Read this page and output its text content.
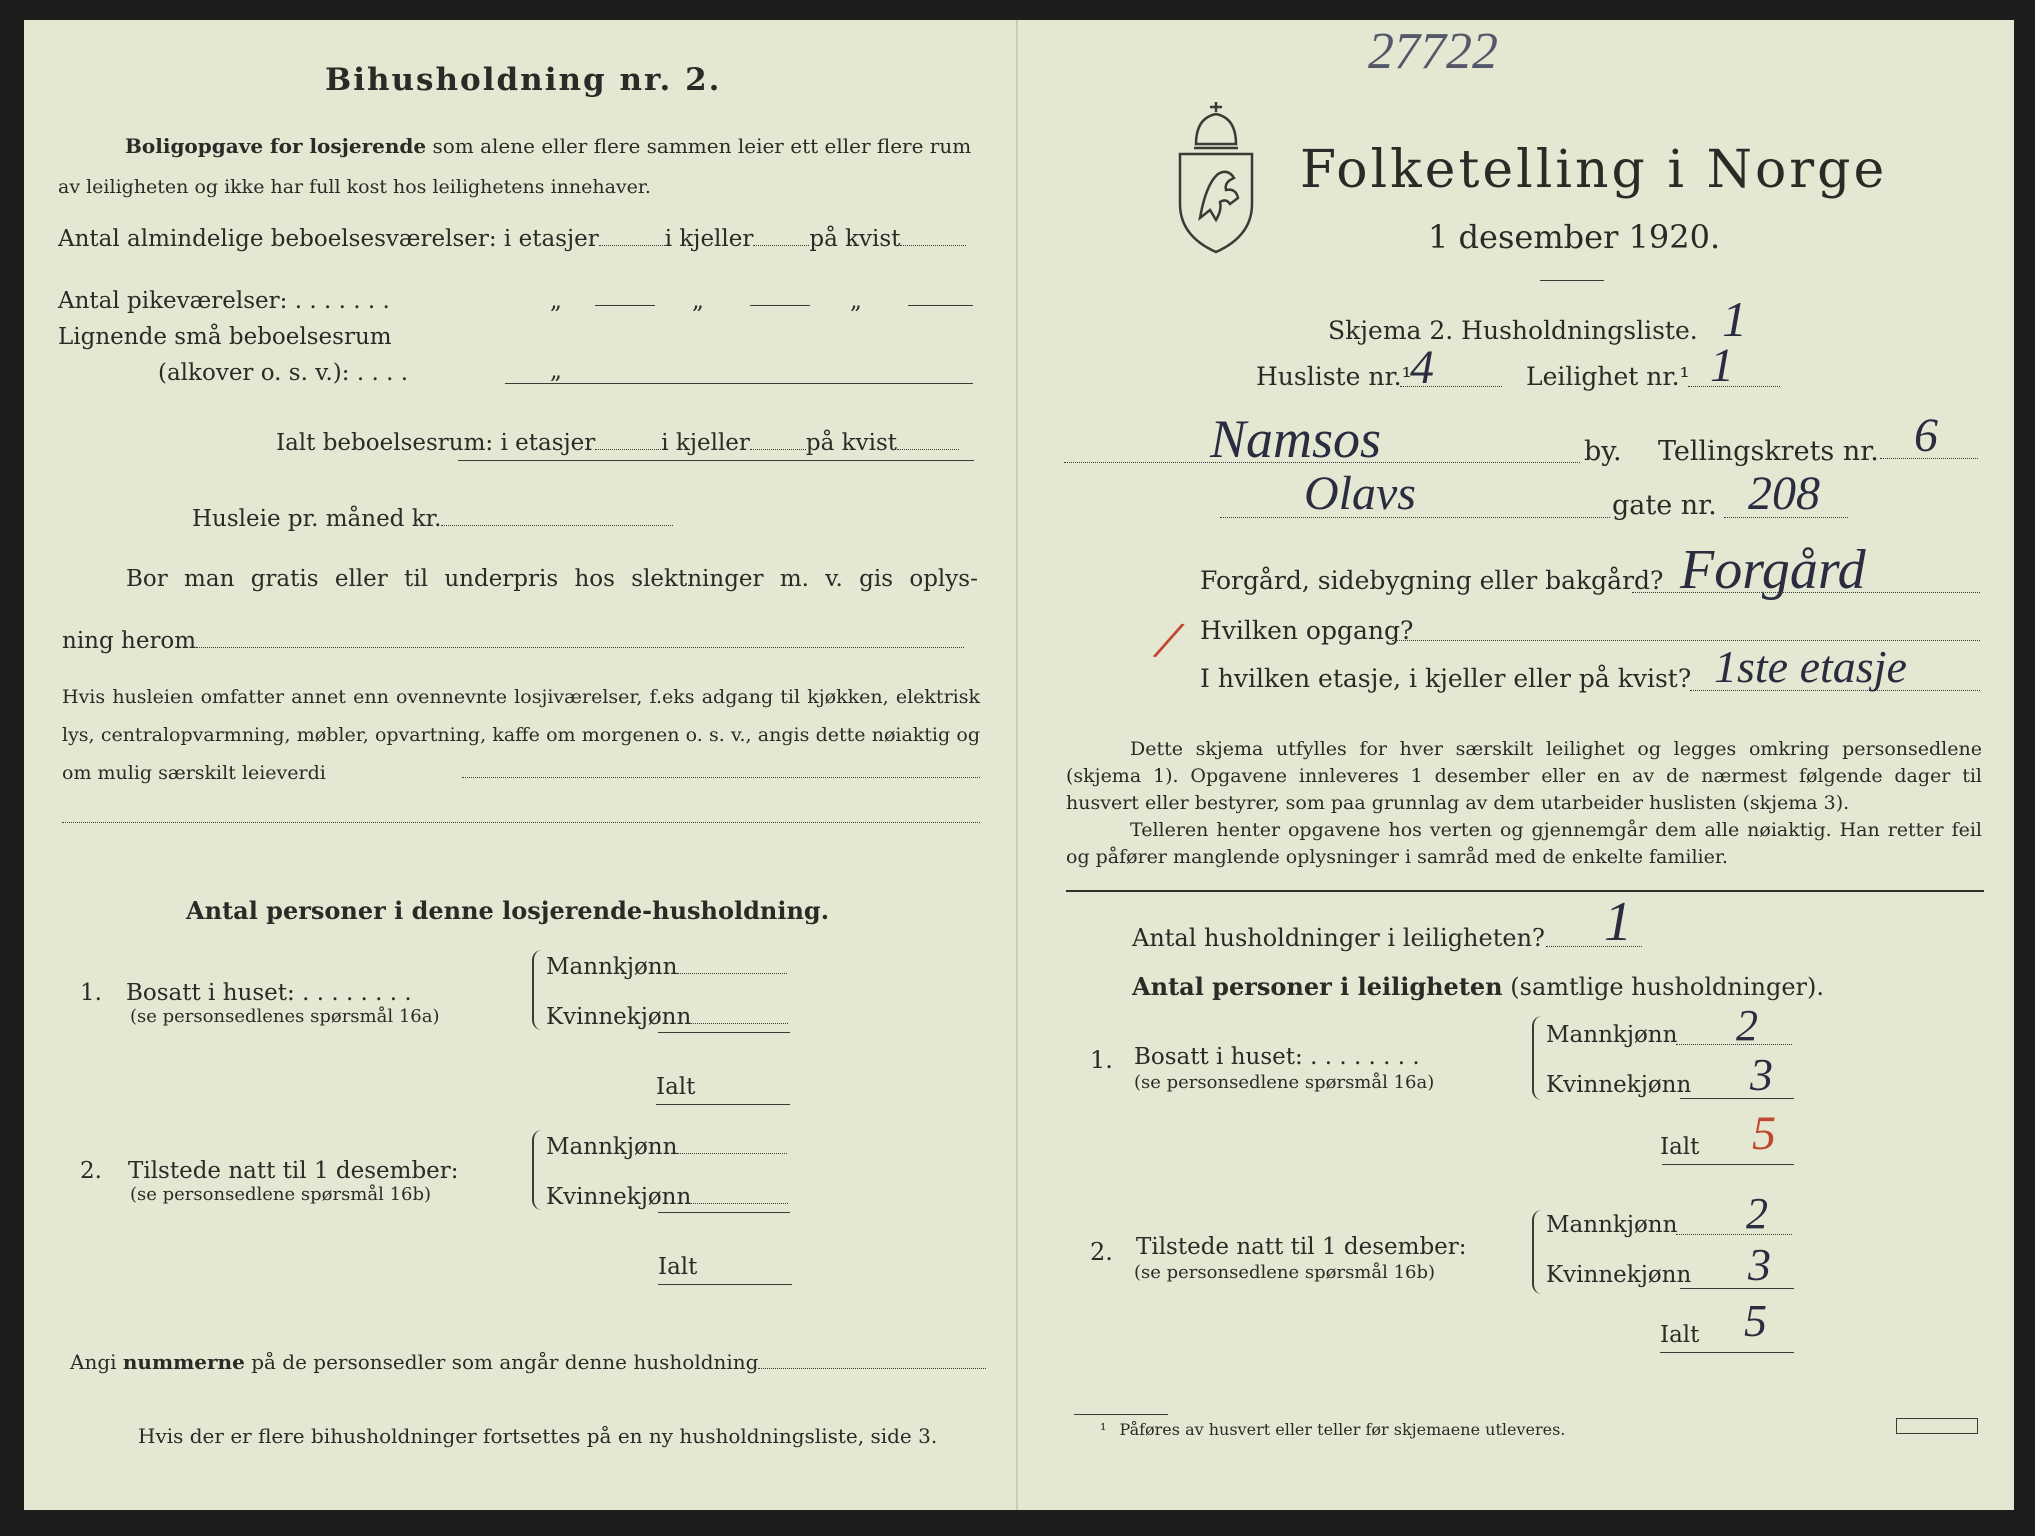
27722
Bihusholdning nr. 2.
Boligopgave for losjerende som alene eller flere sammen leier ett eller flere rum
av leiligheten og ikke har full kost hos leilighetens innehaver.
Antal almindelige beboelsesværelser: i etasjer	i kjeller på kvist
Antal pikeværelser: . . . . . . .	„	„	„
Lignende små beboelsesrum
(alkover o. s. v.): . . . .	„
Ialt beboelsesrum: i etasjer	i kjeller på kvist
Husleie pr. måned kr.
Bor man gratis eller til underpris hos slektninger m. v. gis oplys-
ning herom

Hvis husleien omfatter annet enn ovennevnte losjiværelser, f.eks adgang til kjøkken, elektrisk lys, centralopvarmning, møbler, opvartning, kaffe om morgenen o. s. v., angis dette nøiaktig og om mulig særskilt leieverdi

Antal personer i denne losjerende-husholdning.
1. Bosatt i huset: . . . . . . . .
(se personsedlenes spørsmål 16a)
Mannkjønn
Kvinnekjønn
Ialt
2. Tilstede natt til 1 desember:
(se personsedlene spørsmål 16b)
Mannkjønn
Kvinnekjønn
Ialt
Angi nummerne på de personsedler som angår denne husholdning
Hvis der er flere bihusholdninger fortsettes på en ny husholdningsliste, side 3.
Folketelling i Norge
1 desember 1920.
Skjema 2. Husholdningsliste. 1
Husliste nr.¹
4	Leilighet nr.¹ 1
Namsos	by. Tellingskrets nr. 6
Olavs	gate nr. 208
Forgård, sidebygning eller bakgård? Forgård
/ Hvilken opgang?
I hvilken etasje, i kjeller eller på kvist? 1ste etasje

Dette skjema utfylles for hver særskilt leilighet og legges omkring personsedlene (skjema 1). Opgavene innleveres 1 desember eller en av de nærmest følgende dager til husvert eller bestyrer, som paa grunnlag av dem utarbeider huslisten (skjema 3).

Telleren henter opgavene hos verten og gjennemgår dem alle nøiaktig. Han retter feil og påfører manglende oplysninger i samråd med de enkelte familier.

Antal husholdninger i leiligheten? 1
Antal personer i leiligheten (samtlige husholdninger).
1. Bosatt i huset: . . . . . . . .
(se personsedlene spørsmål 16a)
Mannkjønn 2
Kvinnekjønn 3
Ialt 5
2. Tilstede natt til 1 desember:
(se personsedlene spørsmål 16b)
Mannkjønn 2
Kvinnekjønn 3
Ialt 5
¹ Påføres av husvert eller teller før skjemaene utleveres.
